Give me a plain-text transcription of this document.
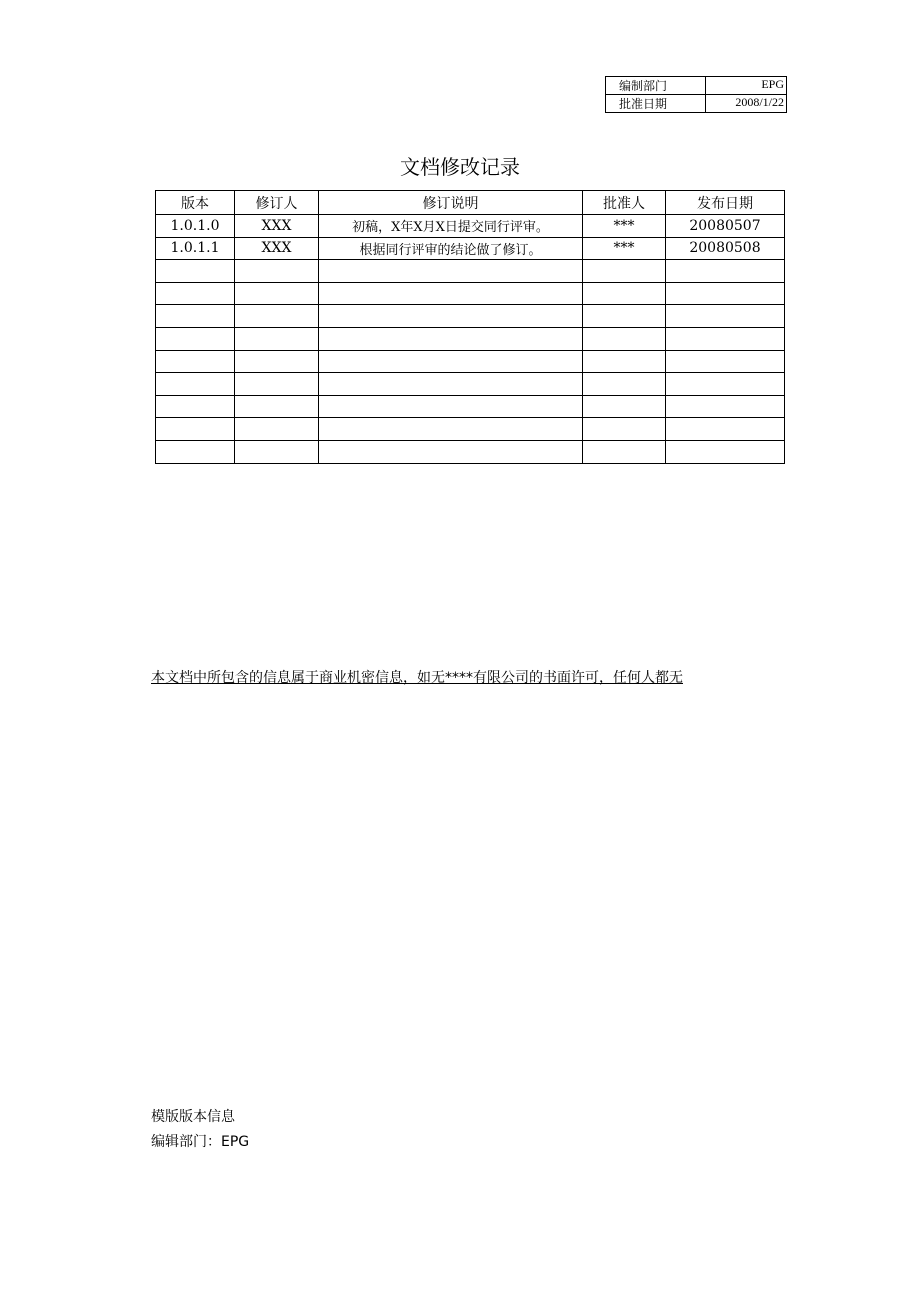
编制部门	EPG
批准日期	2008/1/22
文档修改记录
版本	修订人	修订说明	批准人	发布日期
1.0.1.0	XXX	初稿，X年X月X日提交同行评审。	***	20080507
1.0.1.1	XXX	根据同行评审的结论做了修订。	***	20080508

本文档中所包含的信息属于商业机密信息，如无****有限公司的书面许可，任何人都无
模版版本信息
编辑部门：EPG
